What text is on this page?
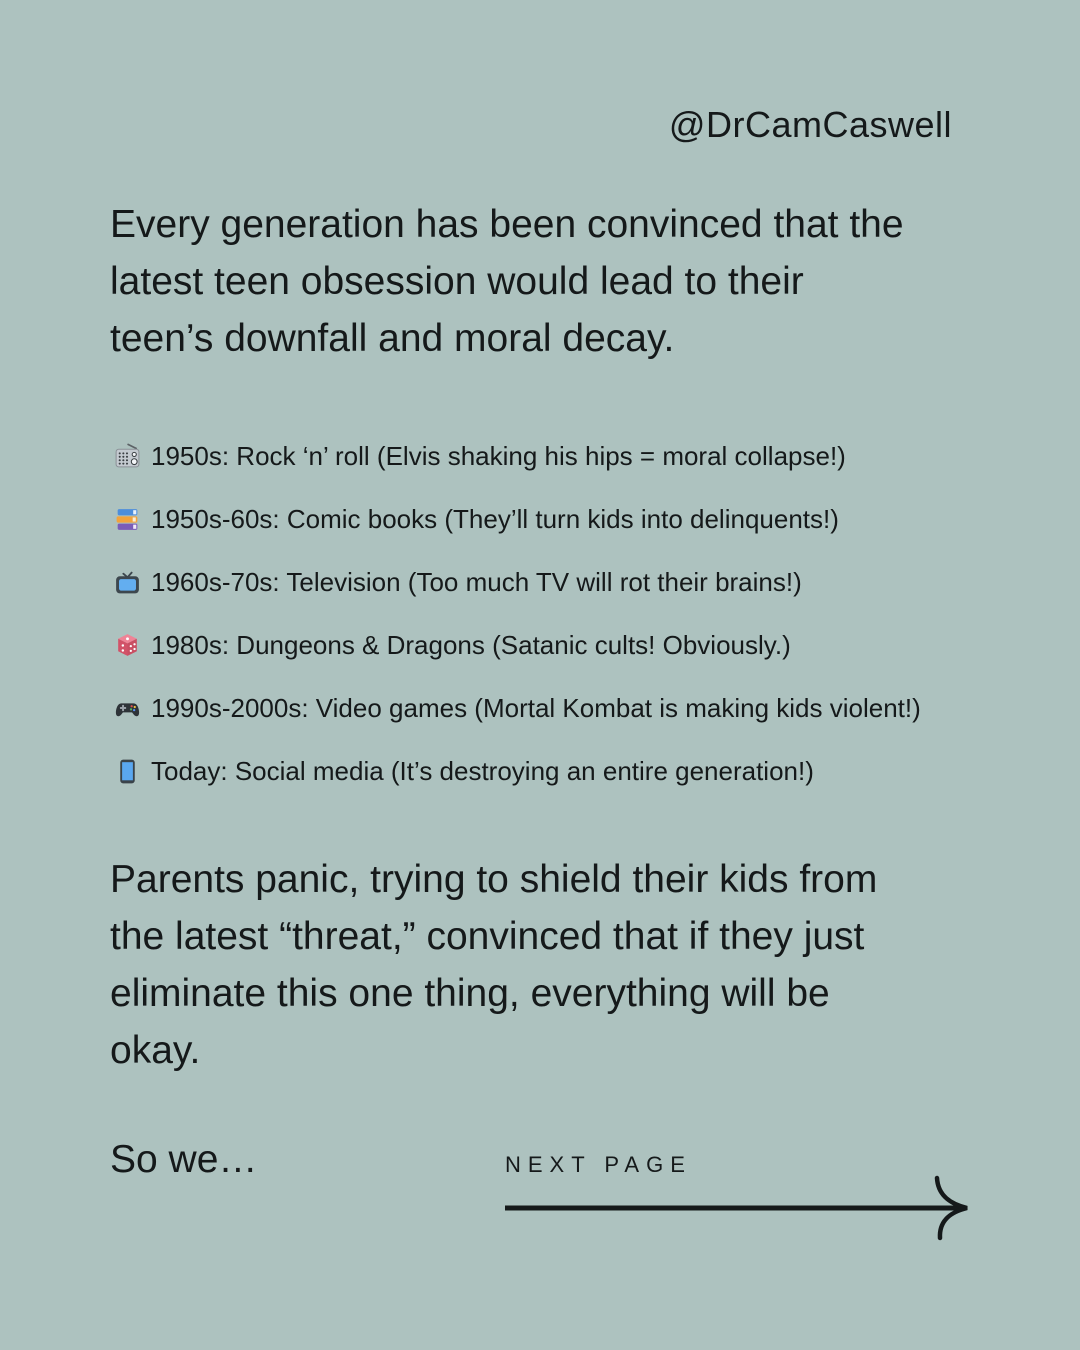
@DrCamCaswell
Every generation has been convinced that the
latest teen obsession would lead to their
teen’s downfall and moral decay.
1950s: Rock ‘n’ roll (Elvis shaking his hips = moral collapse!)
1950s-60s: Comic books (They’ll turn kids into delinquents!)
1960s-70s: Television (Too much TV will rot their brains!)
1980s: Dungeons & Dragons (Satanic cults! Obviously.)
1990s-2000s: Video games (Mortal Kombat is making kids violent!)
Today: Social media (It’s destroying an entire generation!)
Parents panic, trying to shield their kids from
the latest “threat,” convinced that if they just
eliminate this one thing, everything will be
okay.
So we…	NEXT PAGE
